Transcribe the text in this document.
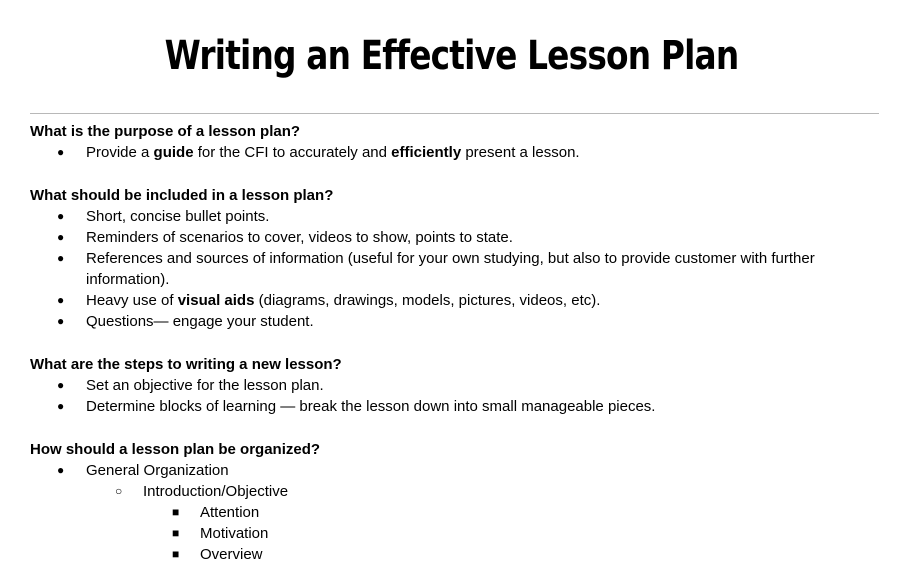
Writing an Effective Lesson Plan
What is the purpose of a lesson plan?
● Provide a guide for the CFI to accurately and efficiently present a lesson.
What should be included in a lesson plan?
● Short, concise bullet points.
● Reminders of scenarios to cover, videos to show, points to state.
● References and sources of information (useful for your own studying, but also to provide customer with further information).
● Heavy use of visual aids (diagrams, drawings, models, pictures, videos, etc).
● Questions— engage your student.
What are the steps to writing a new lesson?
● Set an objective for the lesson plan.
● Determine blocks of learning — break the lesson down into small manageable pieces.
How should a lesson plan be organized?
● General Organization
○ Introduction/Objective
■ Attention
■ Motivation
■ Overview
